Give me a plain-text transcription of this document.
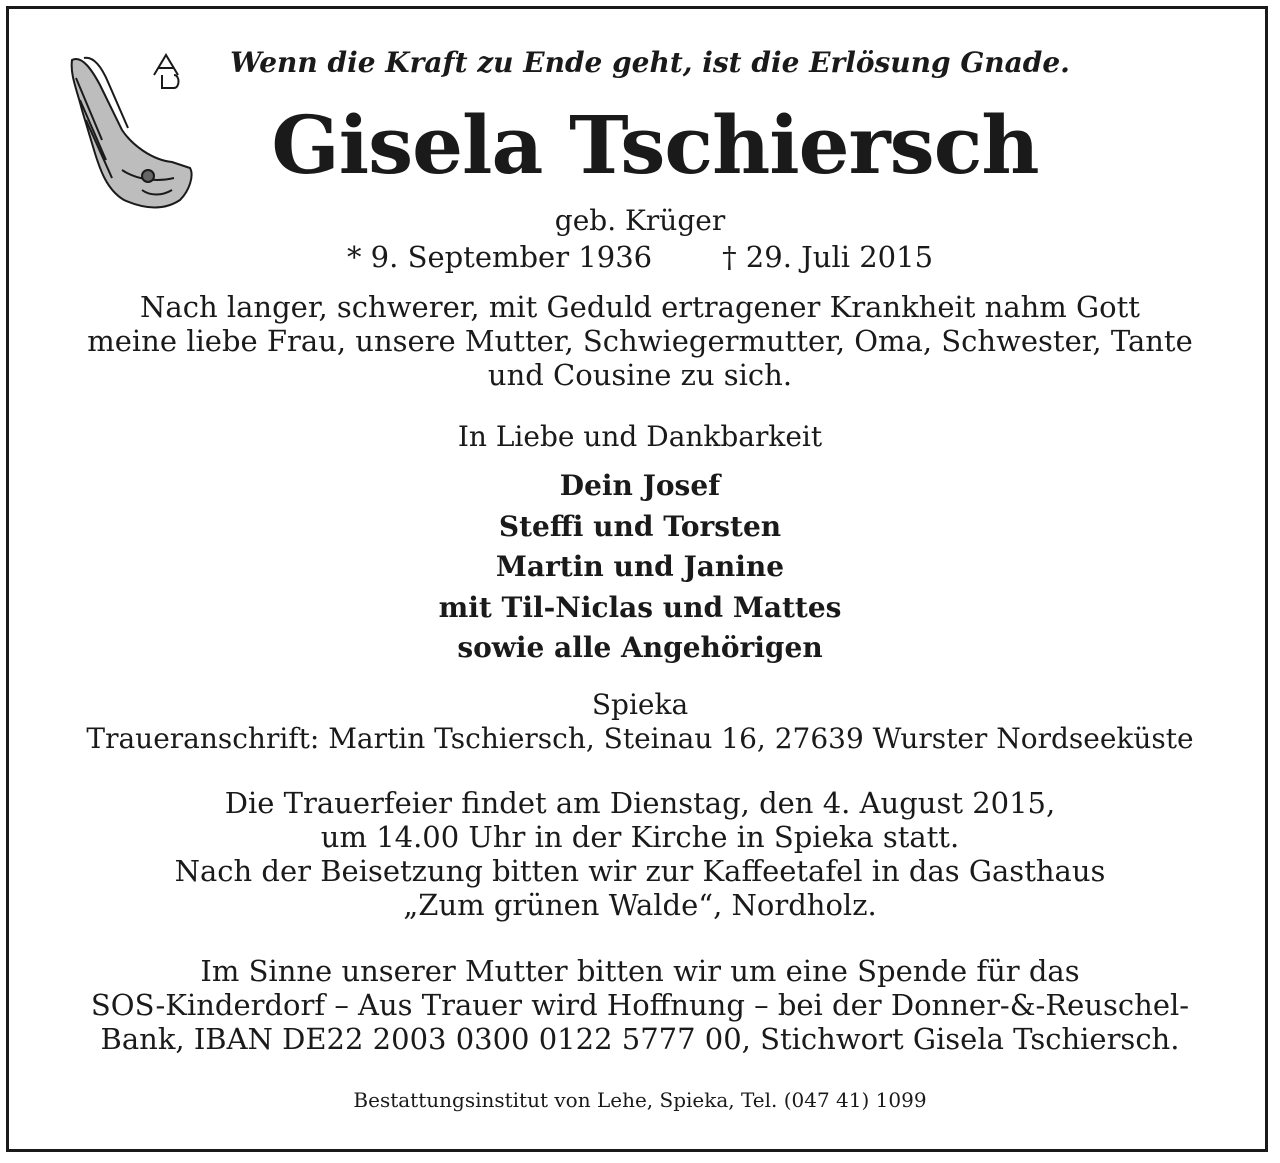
Wenn die Kraft zu Ende geht, ist die Erlösung Gnade.
Gisela Tschiersch
geb. Krüger
* 9. September 1936 † 29. Juli 2015
Nach langer, schwerer, mit Geduld ertragener Krankheit nahm Gott
meine liebe Frau, unsere Mutter, Schwiegermutter, Oma, Schwester, Tante
und Cousine zu sich.
In Liebe und Dankbarkeit
Dein Josef
Steffi und Torsten
Martin und Janine
mit Til-Niclas und Mattes
sowie alle Angehörigen
Spieka
Traueranschrift: Martin Tschiersch, Steinau 16, 27639 Wurster Nordseeküste
Die Trauerfeier findet am Dienstag, den 4. August 2015,
um 14.00 Uhr in der Kirche in Spieka statt.
Nach der Beisetzung bitten wir zur Kaffeetafel in das Gasthaus
„Zum grünen Walde“, Nordholz.
Im Sinne unserer Mutter bitten wir um eine Spende für das
SOS-Kinderdorf – Aus Trauer wird Hoffnung – bei der Donner-&-Reuschel-
Bank, IBAN DE22 2003 0300 0122 5777 00, Stichwort Gisela Tschiersch.
Bestattungsinstitut von Lehe, Spieka, Tel. (047 41) 1099
